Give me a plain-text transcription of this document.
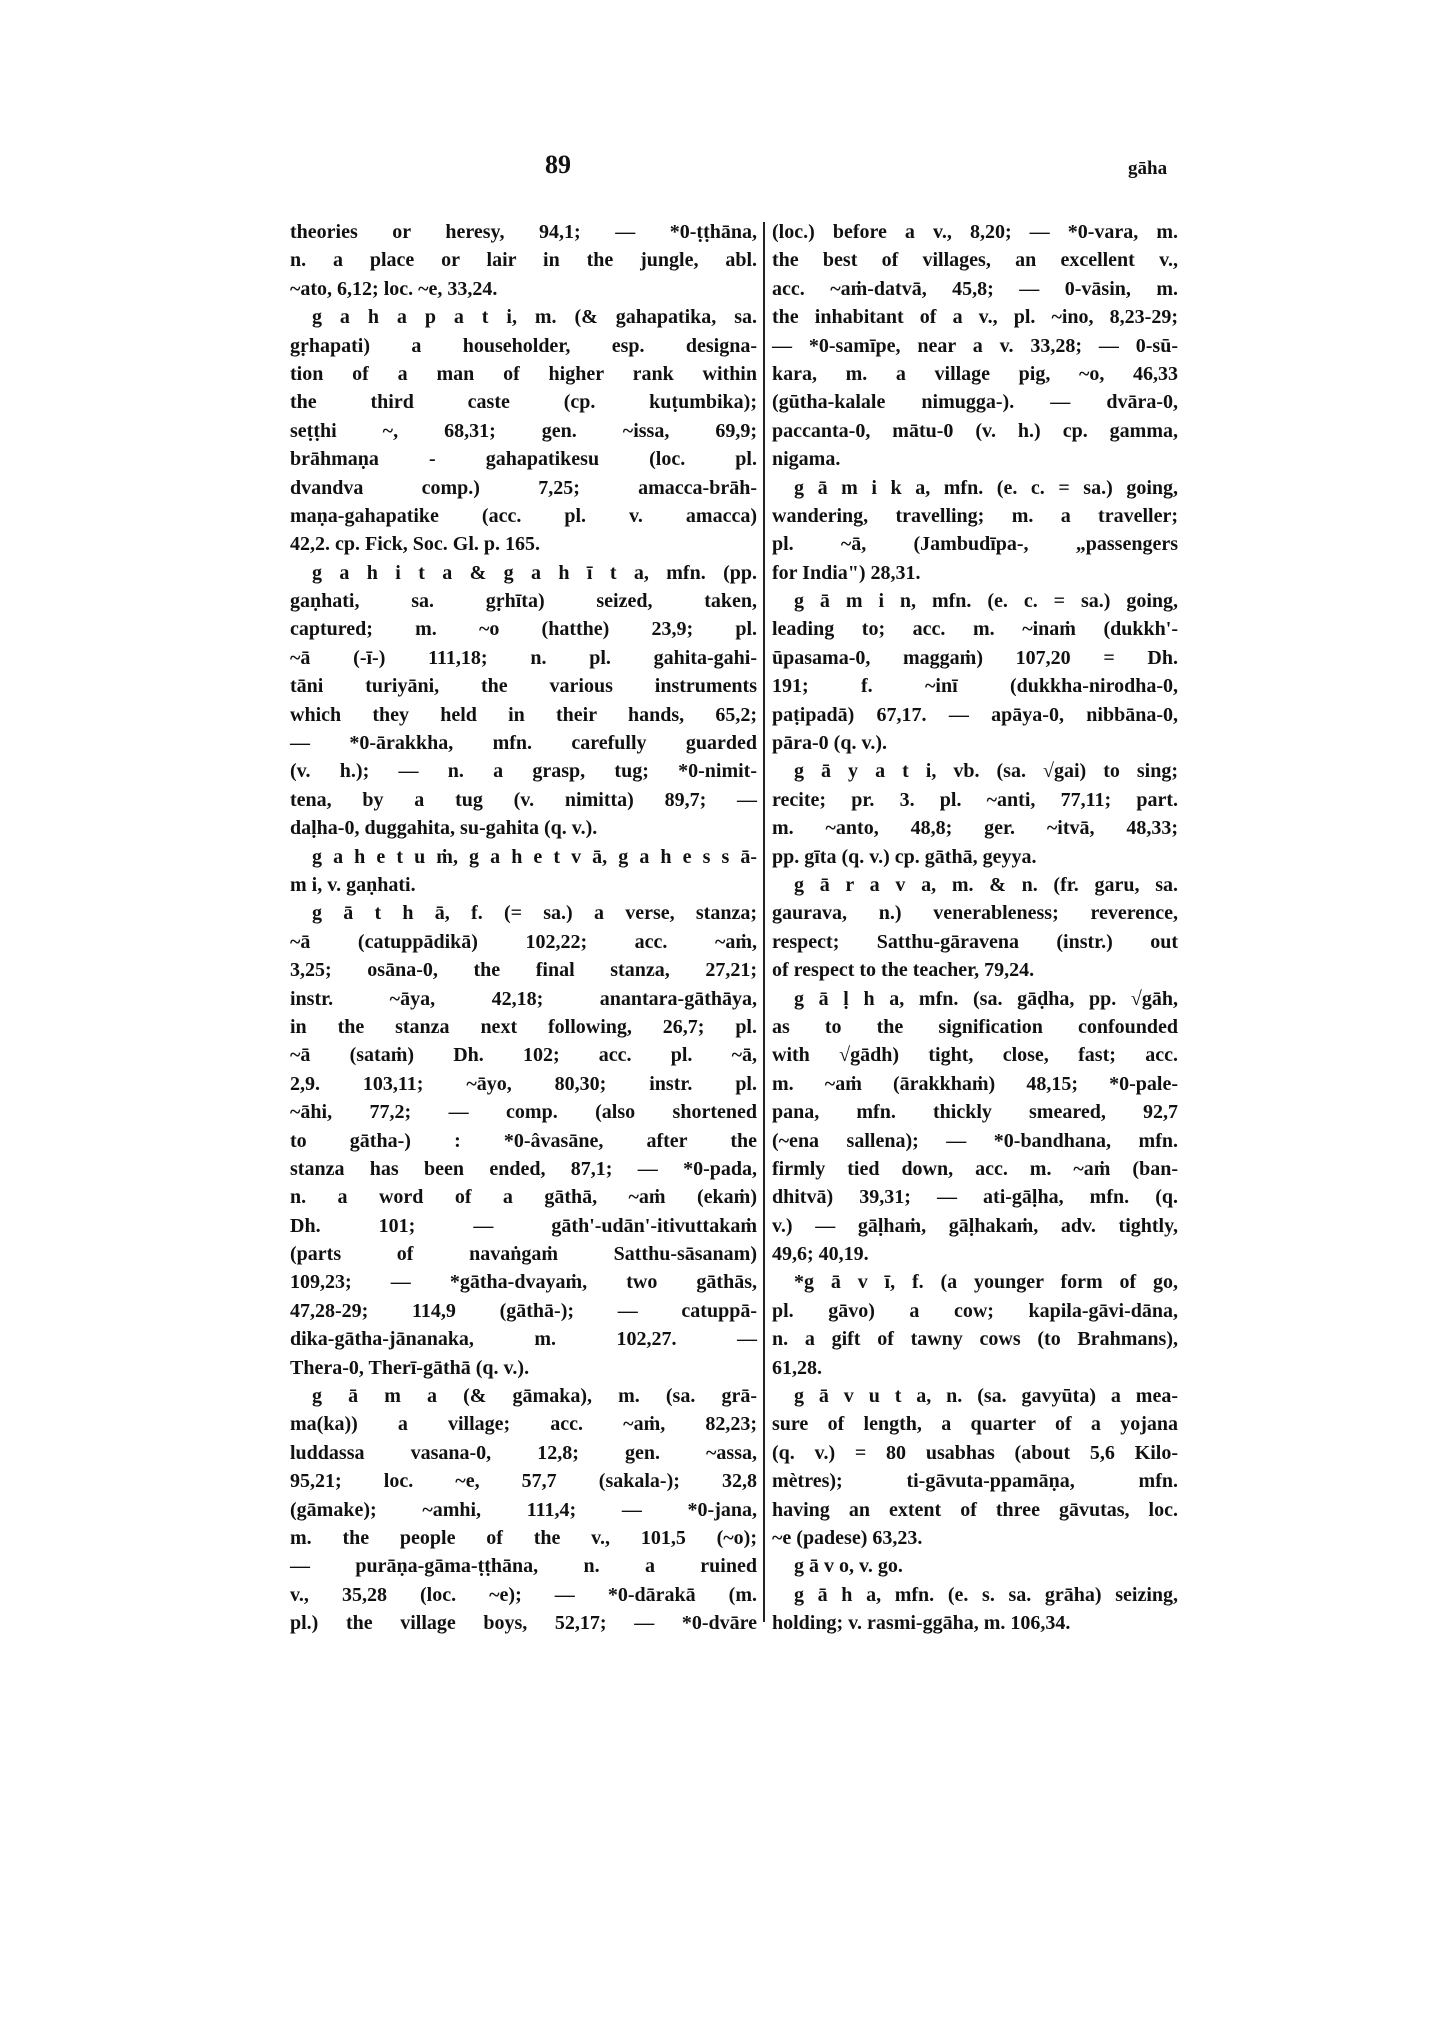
89	gāha
theories or heresy, 94,1; — *0-ṭṭhāna,
n. a place or lair in the jungle, abl.
~ato, 6,12; loc. ~e, 33,24.
g a h a p a t i, m. (& gahapatika, sa.
gṛhapati) a householder, esp. designa-
tion of a man of higher rank within
the third caste (cp. kuṭumbika);
seṭṭhi ~, 68,31; gen. ~issa, 69,9;
brāhmaṇa - gahapatikesu (loc. pl.
dvandva comp.) 7,25; amacca-brāh-
maṇa-gahapatike (acc. pl. v. amacca)
42,2. cp. Fick, Soc. Gl. p. 165.
g a h i t a & g a h ī t a, mfn. (pp.
gaṇhati, sa. gṛhīta) seized, taken,
captured; m. ~o (hatthe) 23,9; pl.
~ā (-ī-) 111,18; n. pl. gahita-gahi-
tāni turiyāni, the various instruments
which they held in their hands, 65,2;
— *0-ārakkha, mfn. carefully guarded
(v. h.); — n. a grasp, tug; *0-nimit-
tena, by a tug (v. nimitta) 89,7; —
daḷha-0, duggahita, su-gahita (q. v.).
g a h e t u ṁ, g a h e t v ā, g a h e s s ā-
m i, v. gaṇhati.
g ā t h ā, f. (= sa.) a verse, stanza;
~ā (catuppādikā) 102,22; acc. ~aṁ,
3,25; osāna-0, the final stanza, 27,21;
instr. ~āya, 42,18; anantara-gāthāya,
in the stanza next following, 26,7; pl.
~ā (sataṁ) Dh. 102; acc. pl. ~ā,
2,9. 103,11; ~āyo, 80,30; instr. pl.
~āhi, 77,2; — comp. (also shortened
to gātha-) : *0-âvasāne, after the
stanza has been ended, 87,1; — *0-pada,
n. a word of a gāthā, ~aṁ (ekaṁ)
Dh. 101; — gāth'-udān'-itivuttakaṁ
(parts of navaṅgaṁ Satthu-sāsanam)
109,23; — *gātha-dvayaṁ, two gāthās,
47,28-29; 114,9 (gāthā-); — catuppā-
dika-gātha-jānanaka, m. 102,27. —
Thera-0, Therī-gāthā (q. v.).
g ā m a (& gāmaka), m. (sa. grā-
ma(ka)) a village; acc. ~aṁ, 82,23;
luddassa vasana-0, 12,8; gen. ~assa,
95,21; loc. ~e, 57,7 (sakala-); 32,8
(gāmake); ~amhi, 111,4; — *0-jana,
m. the people of the v., 101,5 (~o);
— purāṇa-gāma-ṭṭhāna, n. a ruined
v., 35,28 (loc. ~e); — *0-dārakā (m.
pl.) the village boys, 52,17; — *0-dvāre
(loc.) before a v., 8,20; — *0-vara, m.
the best of villages, an excellent v.,
acc. ~aṁ-datvā, 45,8; — 0-vāsin, m.
the inhabitant of a v., pl. ~ino, 8,23-29;
— *0-samīpe, near a v. 33,28; — 0-sū-
kara, m. a village pig, ~o, 46,33
(gūtha-kalale nimugga-). — dvāra-0,
paccanta-0, mātu-0 (v. h.) cp. gamma,
nigama.
g ā m i k a, mfn. (e. c. = sa.) going,
wandering, travelling; m. a traveller;
pl. ~ā, (Jambudīpa-, „passengers
for India") 28,31.
g ā m i n, mfn. (e. c. = sa.) going,
leading to; acc. m. ~inaṁ (dukkh'-
ūpasama-0, maggaṁ) 107,20 = Dh.
191; f. ~inī (dukkha-nirodha-0,
paṭipadā) 67,17. — apāya-0, nibbāna-0,
pāra-0 (q. v.).
g ā y a t i, vb. (sa. √gai) to sing;
recite; pr. 3. pl. ~anti, 77,11; part.
m. ~anto, 48,8; ger. ~itvā, 48,33;
pp. gīta (q. v.) cp. gāthā, geyya.
g ā r a v a, m. & n. (fr. garu, sa.
gaurava, n.) venerableness; reverence,
respect; Satthu-gāravena (instr.) out
of respect to the teacher, 79,24.
g ā ḷ h a, mfn. (sa. gāḍha, pp. √gāh,
as to the signification confounded
with √gādh) tight, close, fast; acc.
m. ~aṁ (ārakkhaṁ) 48,15; *0-pale-
pana, mfn. thickly smeared, 92,7
(~ena sallena); — *0-bandhana, mfn.
firmly tied down, acc. m. ~aṁ (ban-
dhitvā) 39,31; — ati-gāḷha, mfn. (q.
v.) — gāḷhaṁ, gāḷhakaṁ, adv. tightly,
49,6; 40,19.
*g ā v ī, f. (a younger form of go,
pl. gāvo) a cow; kapila-gāvi-dāna,
n. a gift of tawny cows (to Brahmans),
61,28.
g ā v u t a, n. (sa. gavyūta) a mea-
sure of length, a quarter of a yojana
(q. v.) = 80 usabhas (about 5,6 Kilo-
mètres); ti-gāvuta-ppamāṇa, mfn.
having an extent of three gāvutas, loc.
~e (padese) 63,23.
g ā v o, v. go.
g ā h a, mfn. (e. s. sa. grāha) seizing,
holding; v. rasmi-ggāha, m. 106,34.
